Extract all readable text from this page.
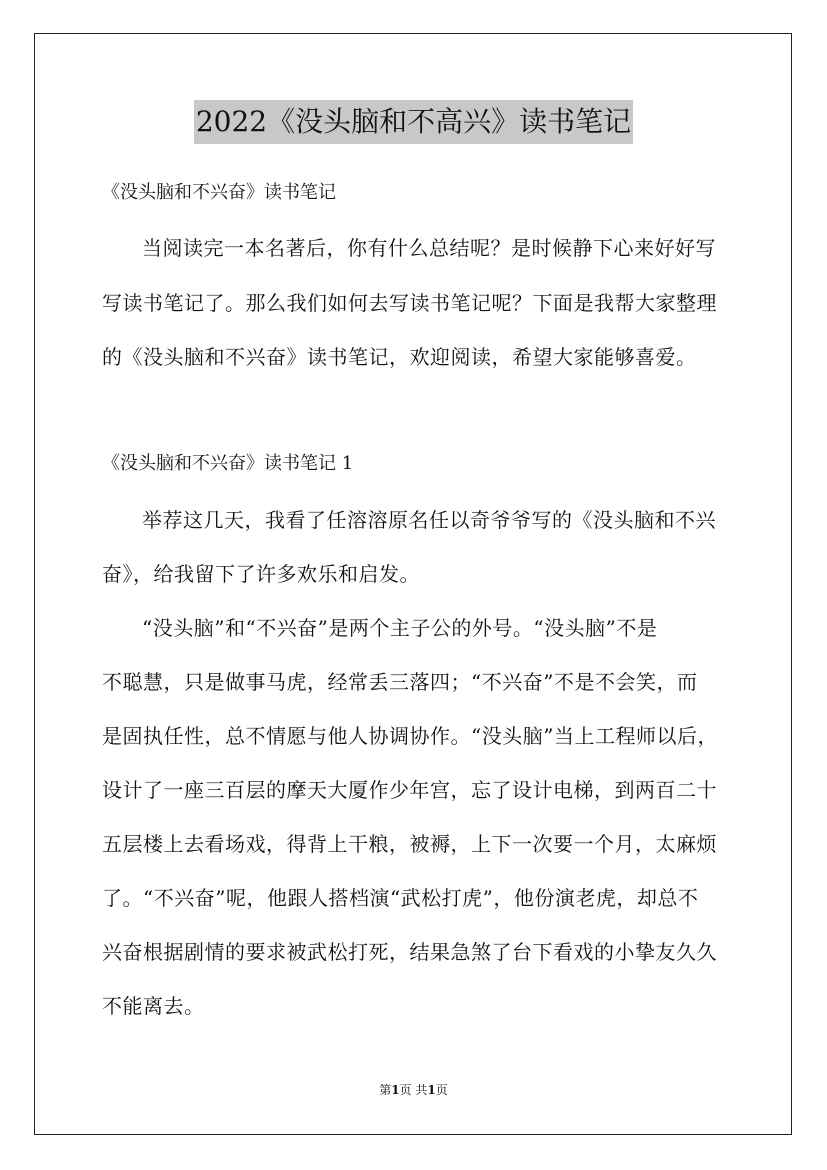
2022《没头脑和不高兴》读书笔记
《没头脑和不兴奋》读书笔记
当阅读完一本名著后，你有什么总结呢？是时候静下心来好好写
写读书笔记了。那么我们如何去写读书笔记呢？下面是我帮大家整理
的《没头脑和不兴奋》读书笔记，欢迎阅读，希望大家能够喜爱。
《没头脑和不兴奋》读书笔记 1
举荐这几天，我看了任溶溶原名任以奇爷爷写的《没头脑和不兴
奋》，给我留下了许多欢乐和启发。
“没头脑”和“不兴奋”是两个主子公的外号。“没头脑”不是
不聪慧，只是做事马虎，经常丢三落四；“不兴奋”不是不会笑，而
是固执任性，总不情愿与他人协调协作。“没头脑”当上工程师以后，
设计了一座三百层的摩天大厦作少年宫，忘了设计电梯，到两百二十
五层楼上去看场戏，得背上干粮，被褥，上下一次要一个月，太麻烦
了。“不兴奋”呢，他跟人搭档演“武松打虎”，他份演老虎，却总不
兴奋根据剧情的要求被武松打死，结果急煞了台下看戏的小挚友久久
不能离去。
第1页 共1页
